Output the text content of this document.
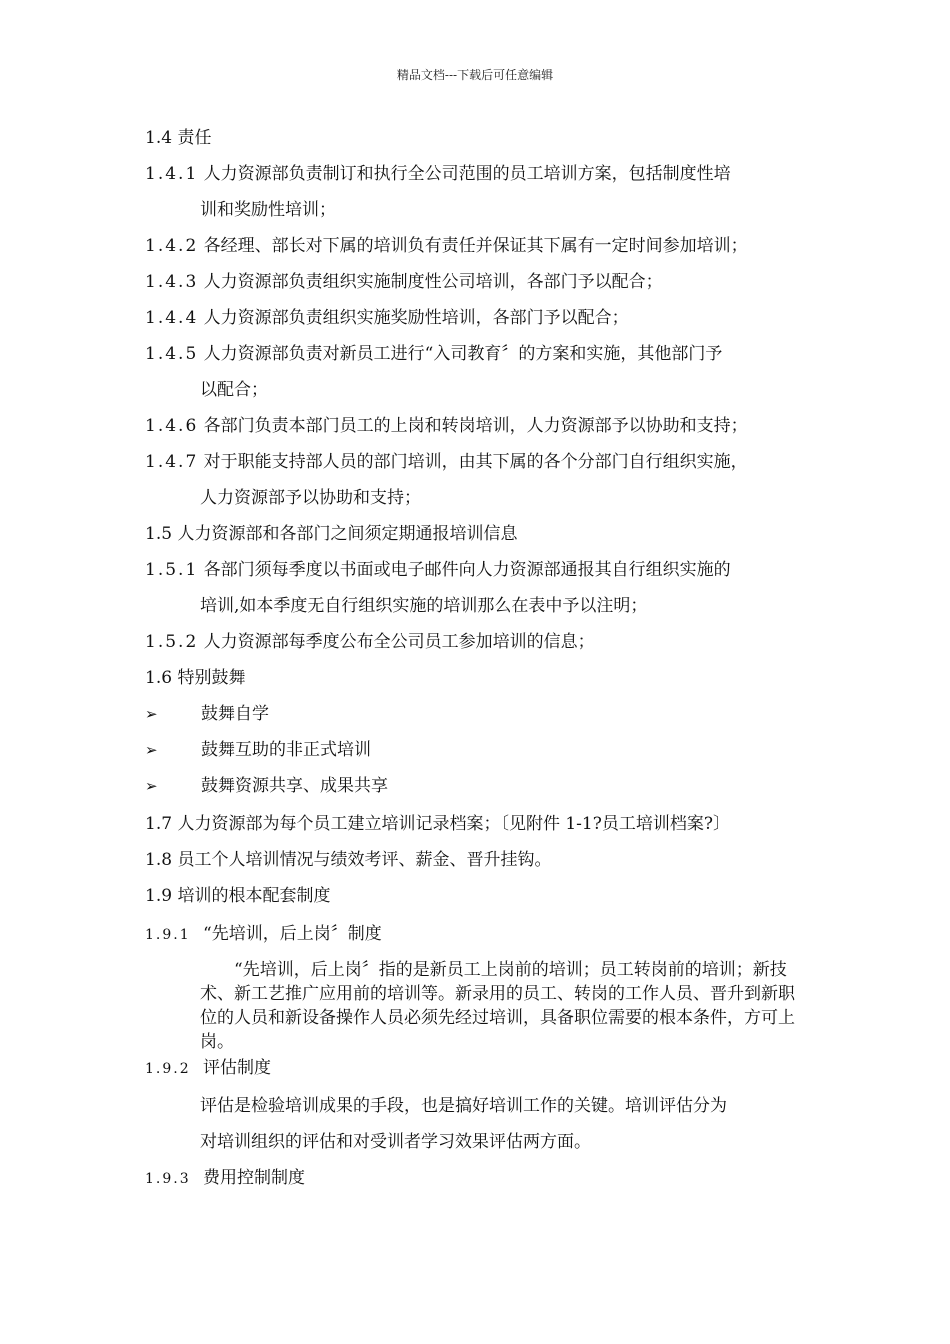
精品文档---下载后可任意编辑
1.4 责任
1.4.1 人力资源部负责制订和执行全公司范围的员工培训方案，包括制度性培
训和奖励性培训；
1.4.2 各经理、部长对下属的培训负有责任并保证其下属有一定时间参加培训；
1.4.3 人力资源部负责组织实施制度性公司培训，各部门予以配合；
1.4.4 人力资源部负责组织实施奖励性培训，各部门予以配合；
1.4.5 人力资源部负责对新员工进行“入司教育〞的方案和实施，其他部门予
以配合；
1.4.6 各部门负责本部门员工的上岗和转岗培训，人力资源部予以协助和支持；
1.4.7 对于职能支持部人员的部门培训，由其下属的各个分部门自行组织实施，
人力资源部予以协助和支持；
1.5 人力资源部和各部门之间须定期通报培训信息
1.5.1 各部门须每季度以书面或电子邮件向人力资源部通报其自行组织实施的
培训,如本季度无自行组织实施的培训那么在表中予以注明；
1.5.2 人力资源部每季度公布全公司员工参加培训的信息；
1.6 特别鼓舞
➢	鼓舞自学
➢	鼓舞互助的非正式培训
➢	鼓舞资源共享、成果共享
1.7 人力资源部为每个员工建立培训记录档案；〔见附件 1-1?员工培训档案?〕
1.8 员工个人培训情况与绩效考评、薪金、晋升挂钩。
1.9 培训的根本配套制度
1.9.1 “先培训，后上岗〞制度

“先培训，后上岗〞指的是新员工上岗前的培训；员工转岗前的培训；新技术、新工艺推广应用前的培训等。新录用的员工、转岗的工作人员、晋升到新职位的人员和新设备操作人员必须先经过培训，具备职位需要的根本条件，方可上岗。

1.9.2 评估制度
评估是检验培训成果的手段，也是搞好培训工作的关键。培训评估分为
对培训组织的评估和对受训者学习效果评估两方面。
1.9.3 费用控制制度
